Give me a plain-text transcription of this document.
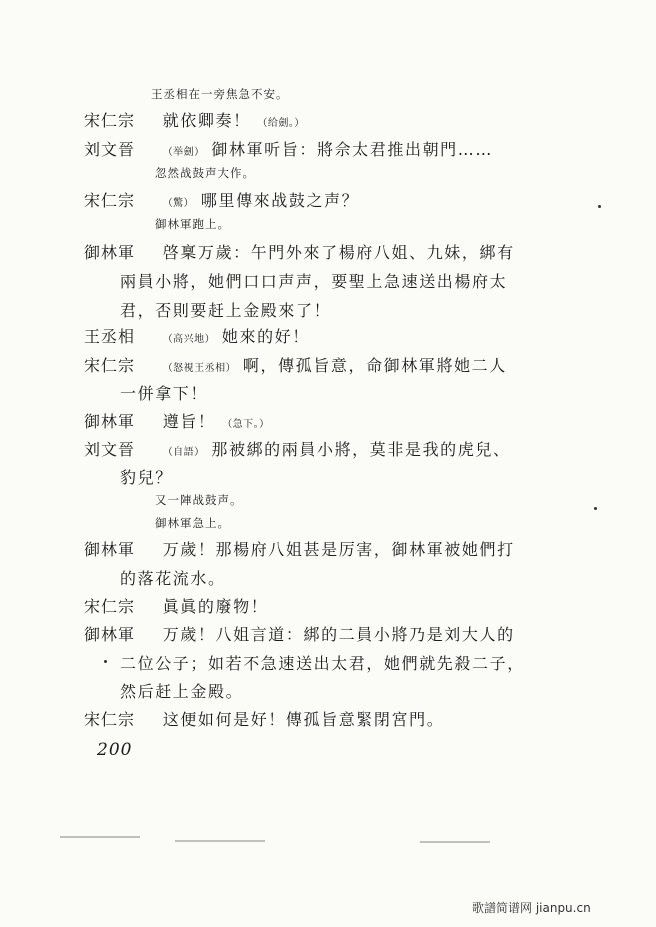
王丞相在一旁焦急不安。
宋仁宗 就依卿奏！ （给劍。）
刘文晉	（举劍） 御林軍听旨：將佘太君推出朝門……
忽然战鼓声大作。
宋仁宗	（驚） 哪里傳來战鼓之声？
御林軍跑上。
御林軍 啓稟万歲：午門外來了楊府八姐、九妹，綁有
兩員小將，她們口口声声，要聖上急速送出楊府太
君，否則要赶上金殿來了！
王丞相	（高兴地） 她來的好！
宋仁宗	（怒視王丞相） 啊，傳孤旨意，命御林軍將她二人
一併拿下！
御林軍 遵旨！ （急下。）
刘文晉	（自語） 那被綁的兩員小將，莫非是我的虎兒、
豹兒？
又一陣战鼓声。
御林軍急上。
御林軍 万歲！那楊府八姐甚是厉害，御林軍被她們打
的落花流水。
宋仁宗 眞眞的廢物！
御林軍 万歲！八姐言道：綁的二員小將乃是刘大人的
二位公子；如若不急速送出太君，她們就先殺二子，
然后赶上金殿。
宋仁宗 这便如何是好！傳孤旨意緊閉宮門。
200
歌譜简谱网 jianpu.cn
